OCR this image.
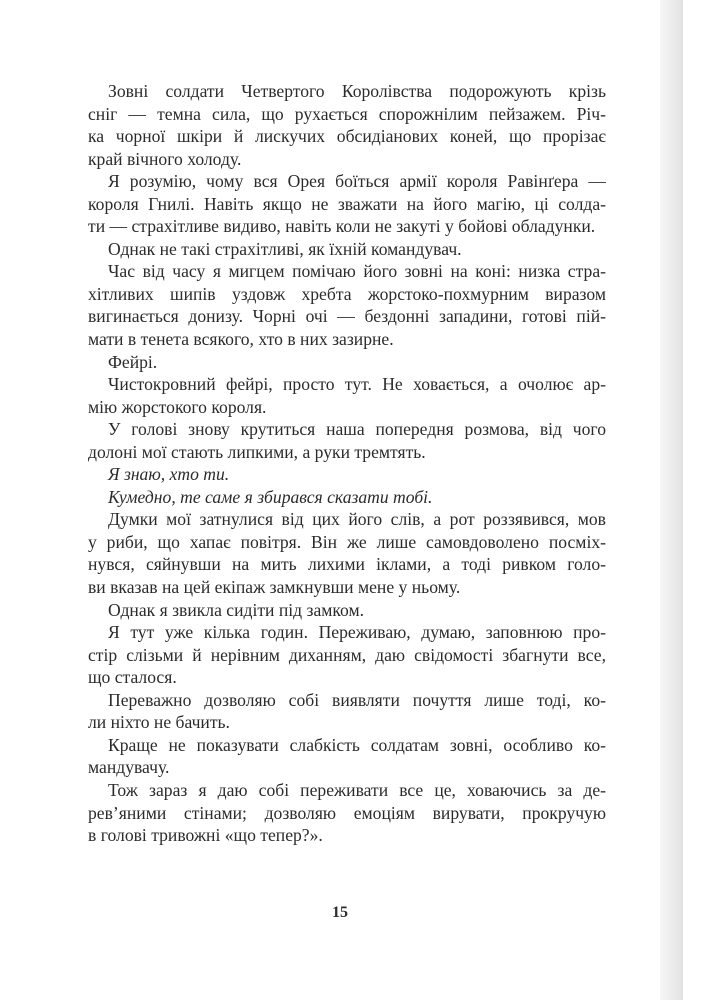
Зовні солдати Четвертого Королівства подорожують крізь
сніг — темна сила, що рухається спорожнілим пейзажем. Річ-
ка чорної шкіри й лискучих обсидіанових коней, що прорізає
край вічного холоду.
Я розумію, чому вся Орея боїться армії короля Равінґера —
короля Гнилі. Навіть якщо не зважати на його магію, ці солда-
ти — страхітливе видиво, навіть коли не закуті у бойові обладунки.
Однак не такі страхітливі, як їхній командувач.
Час від часу я мигцем помічаю його зовні на коні: низка стра-
хітливих шипів уздовж хребта жорстоко-похмурним виразом
вигинається донизу. Чорні очі — бездонні западини, готові пій-
мати в тенета всякого, хто в них зазирне.
Фейрі.
Чистокровний фейрі, просто тут. Не ховається, а очолює ар-
мію жорстокого короля.
У голові знову крутиться наша попередня розмова, від чого
долоні мої стають липкими, а руки тремтять.
Я знаю, хто ти.
Кумедно, те саме я збирався сказати тобі.
Думки мої затнулися від цих його слів, а рот роззявився, мов
у риби, що хапає повітря. Він же лише самовдоволено посміх-
нувся, сяйнувши на мить лихими іклами, а тоді ривком голо-
ви вказав на цей екіпаж замкнувши мене у ньому.
Однак я звикла сидіти під замком.
Я тут уже кілька годин. Переживаю, думаю, заповнюю про-
стір слізьми й нерівним диханням, даю свідомості збагнути все,
що сталося.
Переважно дозволяю собі виявляти почуття лише тоді, ко-
ли ніхто не бачить.
Краще не показувати слабкість солдатам зовні, особливо ко-
мандувачу.
Тож зараз я даю собі переживати все це, ховаючись за де-
рев’яними стінами; дозволяю емоціям вирувати, прокручую
в голові тривожні «що тепер?».
15
